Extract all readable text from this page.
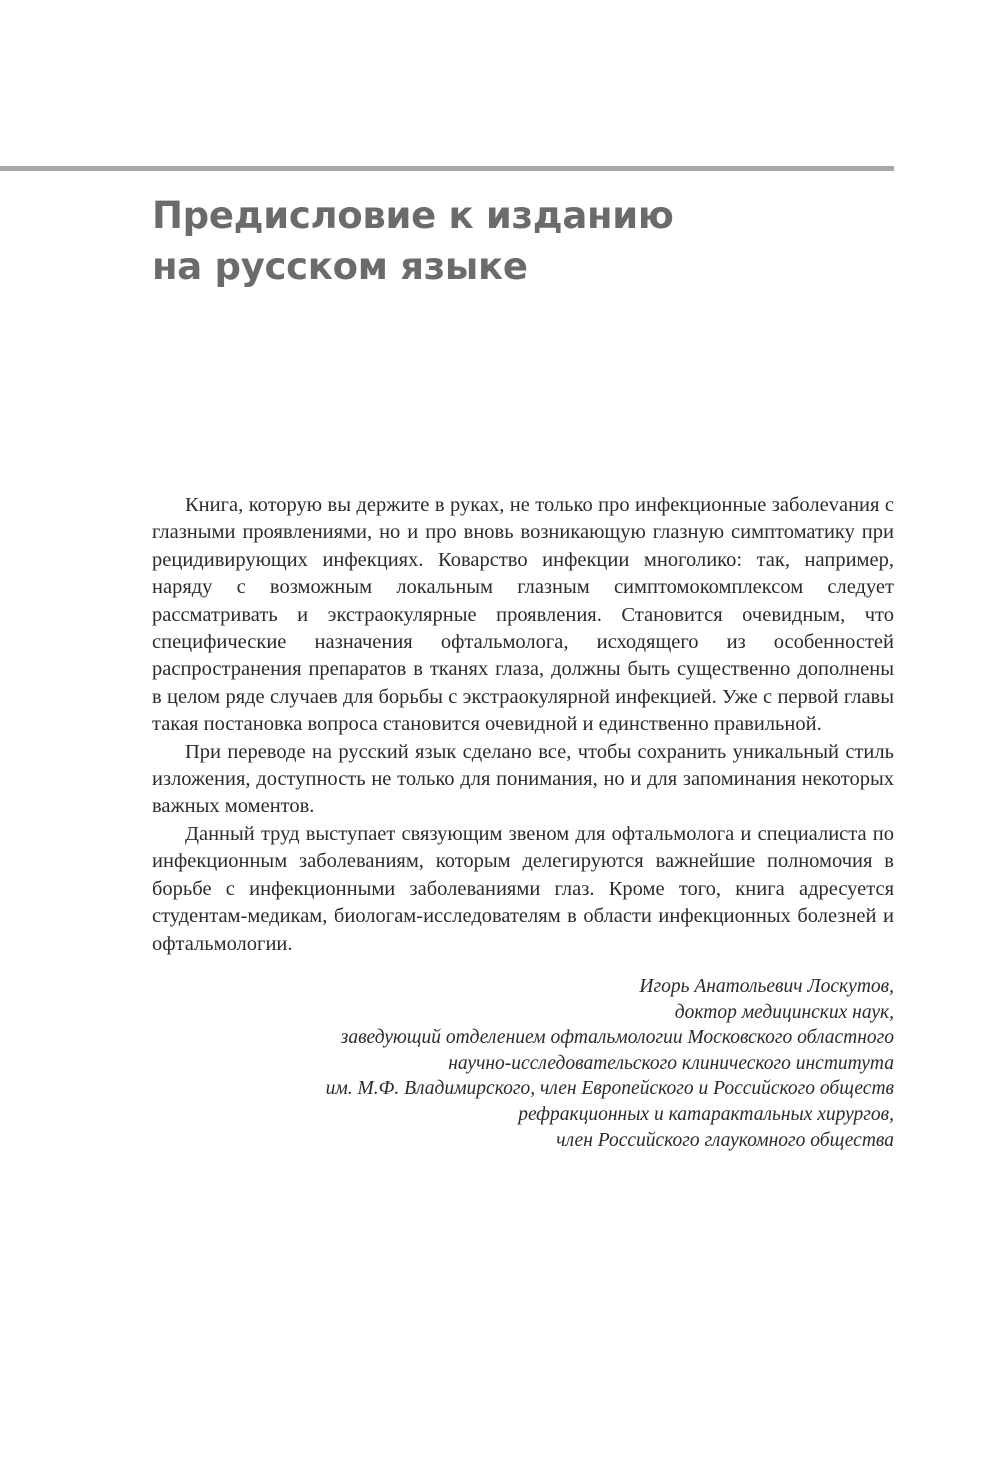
Предисловие к изданию
на русском языке

Книга, которую вы держите в руках, не только про инфекционные заболеvания с глазными проявлениями, но и про вновь возникающую глазную симптоматику при рецидивирующих инфекциях. Коварство инфекции многолико: так, например, наряду с возможным локальным глазным симптомокомплексом следует рассматривать и экстраокулярные проявления. Становится очевидным, что специфические назначения офтальмолога, исходящего из особенностей распространения препаратов в тканях глаза, должны быть существенно дополнены в целом ряде случаев для борьбы с экстраокулярной инфекцией. Уже с первой главы такая постановка вопроса становится очевидной и единственно правильной.

При переводе на русский язык сделано все, чтобы сохранить уникальный стиль изложения, доступность не только для понимания, но и для запоминания некоторых важных моментов.

Данный труд выступает связующим звеном для офтальмолога и специалиста по инфекционным заболеваниям, которым делегируются важнейшие полномочия в борьбе с инфекционными заболеваниями глаз. Кроме того, книга адресуется студентам-медикам, биологам-исследователям в области инфекционных болезней и офтальмологии.

Игорь Анатольевич Лоскутов,
доктор медицинских наук,
заведующий отделением офтальмологии Московского областного
научно-исследовательского клинического института
им. М.Ф. Владимирского, член Европейского и Российского обществ
рефракционных и катарактальных хирургов,
член Российского глаукомного общества
